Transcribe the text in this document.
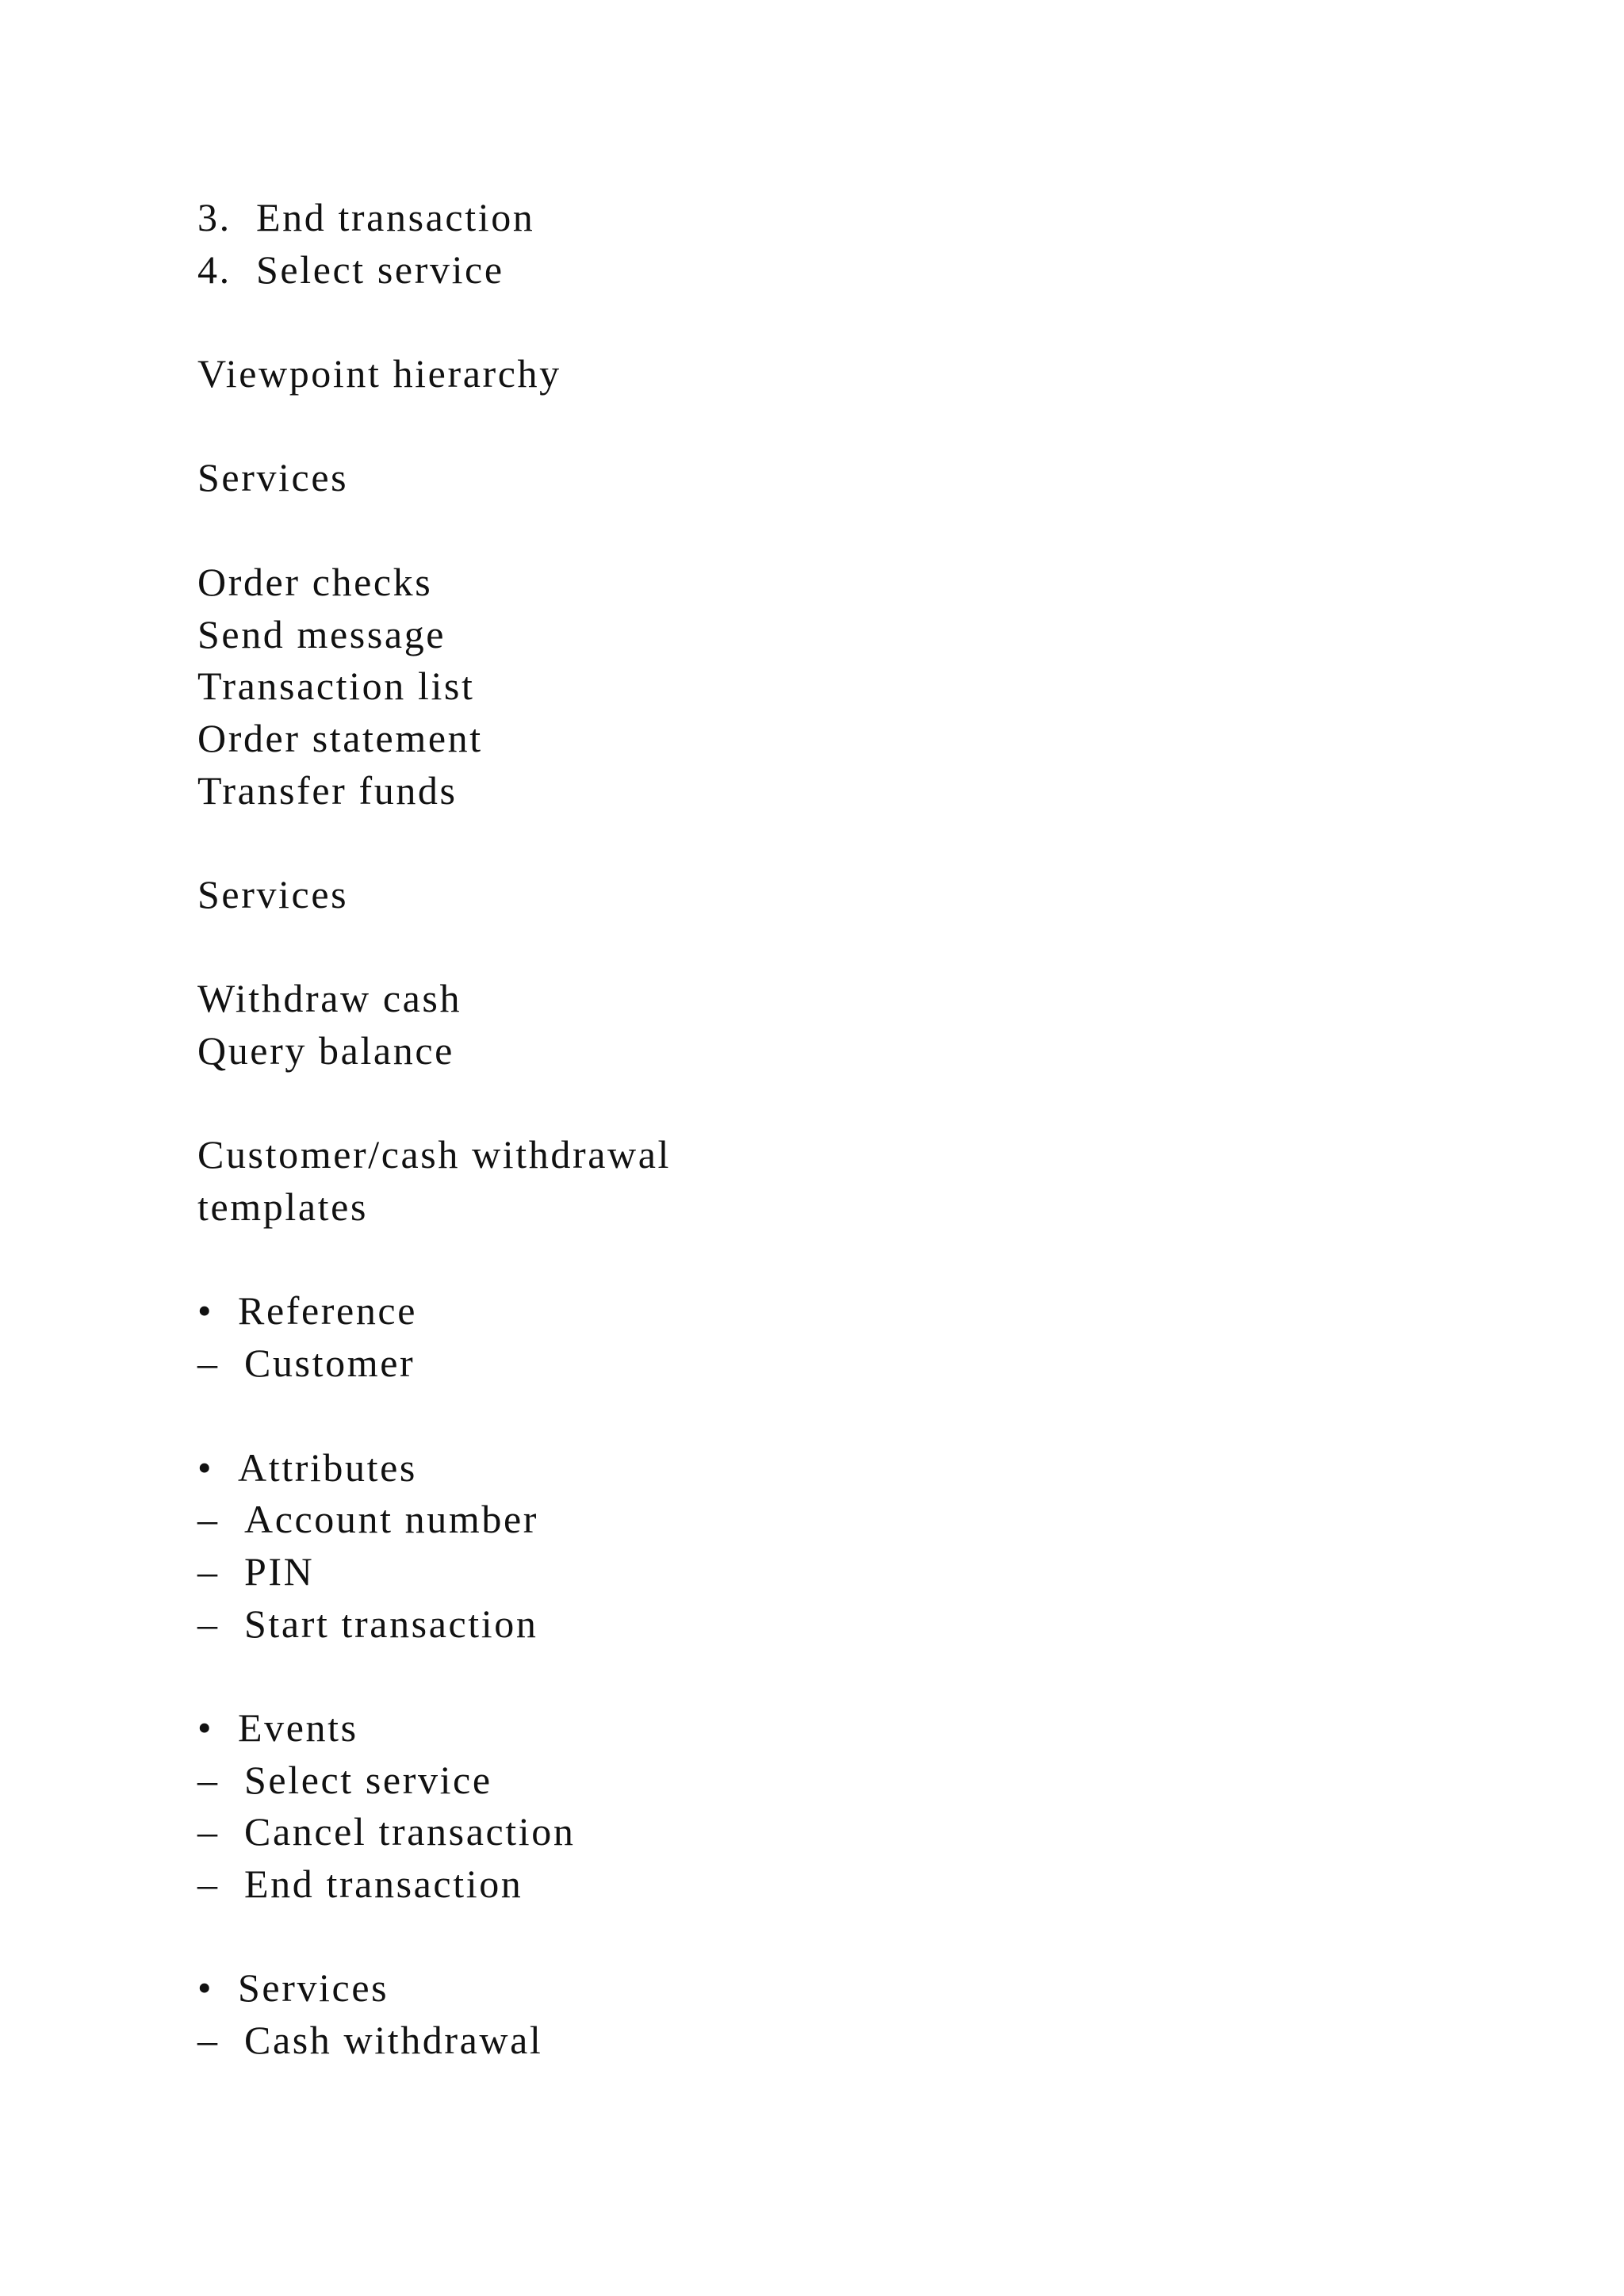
3. End transaction
4. Select service
Viewpoint hierarchy
Services
Order checks
Send message
Transaction list
Order statement
Transfer funds
Services
Withdraw cash
Query balance
Customer/cash withdrawal
templates
• Reference
– Customer
• Attributes
– Account number
– PIN
– Start transaction
• Events
– Select service
– Cancel transaction
– End transaction
• Services
– Cash withdrawal
